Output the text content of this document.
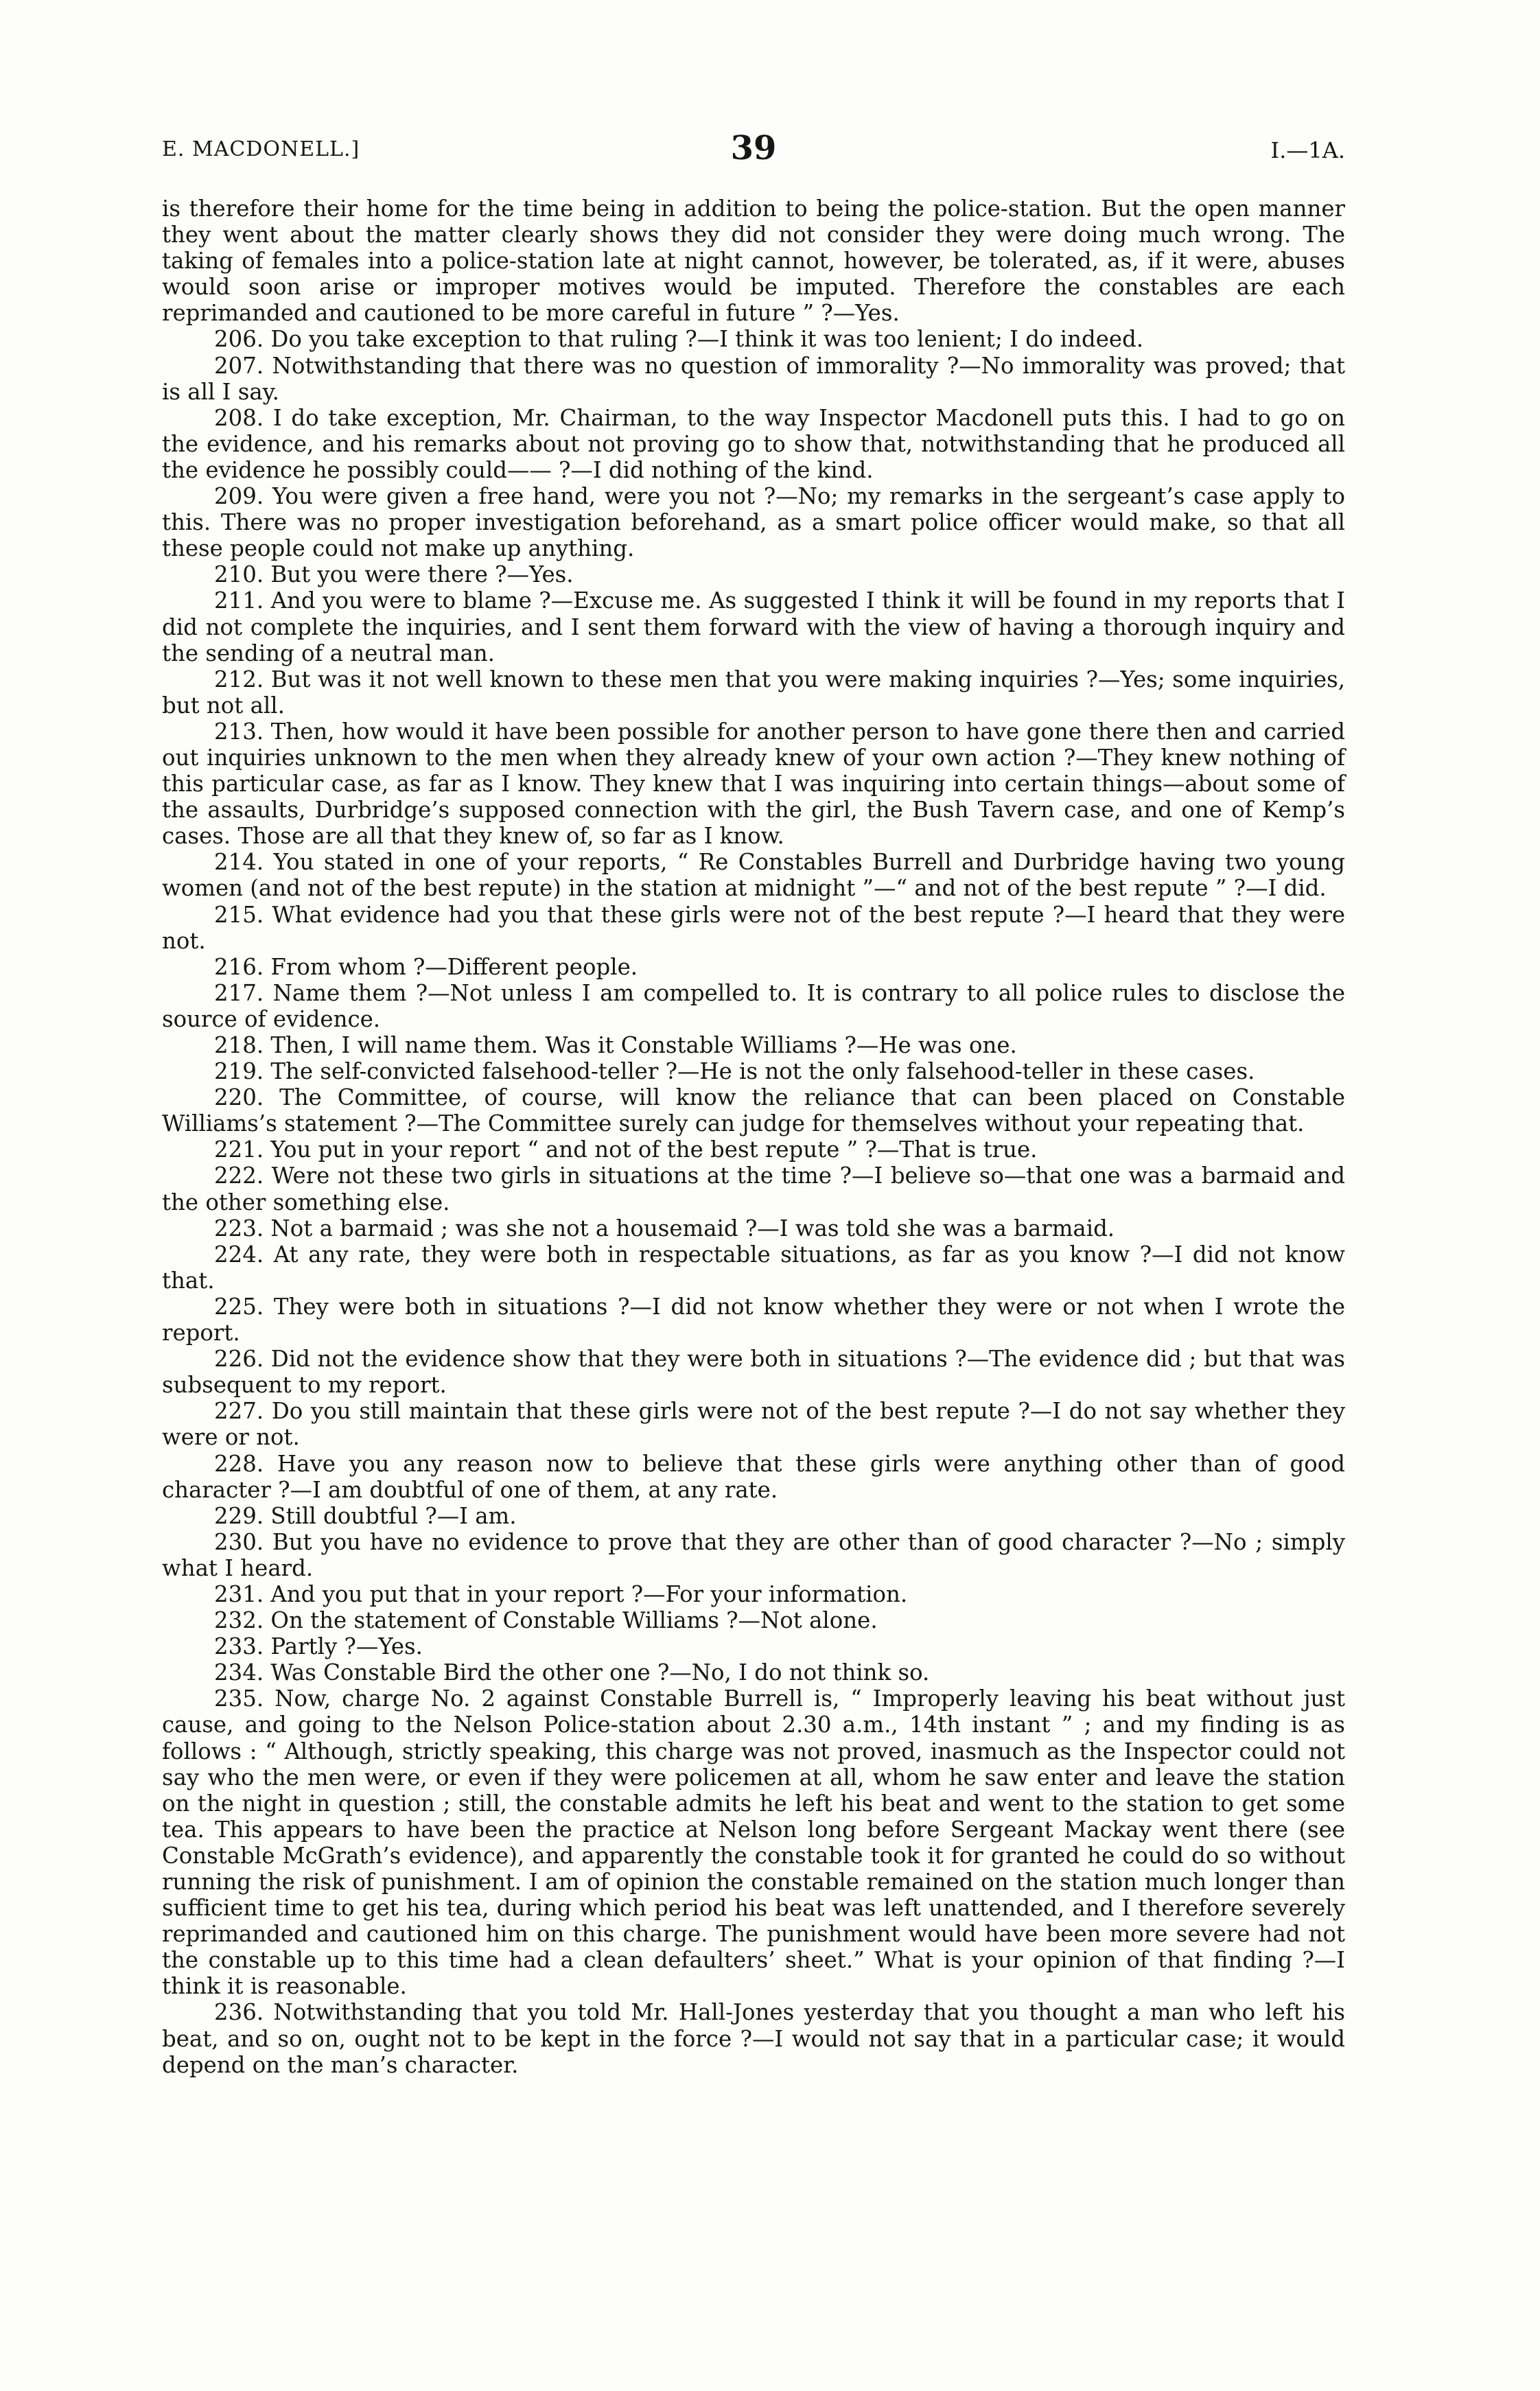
E. MACDONELL.]	39	I.—1A.

is therefore their home for the time being in addition to being the police-station. But the open manner they went about the matter clearly shows they did not consider they were doing much wrong. The taking of females into a police-station late at night cannot, however, be tolerated, as, if it were, abuses would soon arise or improper motives would be imputed. Therefore the constables are each reprimanded and cautioned to be more careful in future ” ?—Yes.

206. Do you take exception to that ruling ?—I think it was too lenient; I do indeed.

207. Notwithstanding that there was no question of immorality ?—No immorality was proved; that is all I say.

208. I do take exception, Mr. Chairman, to the way Inspector Macdonell puts this. I had to go on the evidence, and his remarks about not proving go to show that, notwithstanding that he produced all the evidence he possibly could—— ?—I did nothing of the kind.

209. You were given a free hand, were you not ?—No; my remarks in the sergeant’s case apply to this. There was no proper investigation beforehand, as a smart police officer would make, so that all these people could not make up anything.

210. But you were there ?—Yes.

211. And you were to blame ?—Excuse me. As suggested I think it will be found in my reports that I did not complete the inquiries, and I sent them forward with the view of having a thorough inquiry and the sending of a neutral man.

212. But was it not well known to these men that you were making inquiries ?—Yes; some inquiries, but not all.

213. Then, how would it have been possible for another person to have gone there then and carried out inquiries unknown to the men when they already knew of your own action ?—They knew nothing of this particular case, as far as I know. They knew that I was inquiring into certain things—about some of the assaults, Durbridge’s supposed connection with the girl, the Bush Tavern case, and one of Kemp’s cases. Those are all that they knew of, so far as I know.

214. You stated in one of your reports, “ Re Constables Burrell and Durbridge having two young women (and not of the best repute) in the station at midnight ”—“ and not of the best repute ” ?—I did.

215. What evidence had you that these girls were not of the best repute ?—I heard that they were not.

216. From whom ?—Different people.

217. Name them ?—Not unless I am compelled to. It is contrary to all police rules to disclose the source of evidence.

218. Then, I will name them. Was it Constable Williams ?—He was one.

219. The self-convicted falsehood-teller ?—He is not the only falsehood-teller in these cases.

220. The Committee, of course, will know the reliance that can been placed on Constable Williams’s statement ?—The Committee surely can judge for themselves without your repeating that.

221. You put in your report “ and not of the best repute ” ?—That is true.

222. Were not these two girls in situations at the time ?—I believe so—that one was a barmaid and the other something else.

223. Not a barmaid ; was she not a housemaid ?—I was told she was a barmaid.

224. At any rate, they were both in respectable situations, as far as you know ?—I did not know that.

225. They were both in situations ?—I did not know whether they were or not when I wrote the report.

226. Did not the evidence show that they were both in situations ?—The evidence did ; but that was subsequent to my report.

227. Do you still maintain that these girls were not of the best repute ?—I do not say whether they were or not.

228. Have you any reason now to believe that these girls were anything other than of good character ?—I am doubtful of one of them, at any rate.

229. Still doubtful ?—I am.

230. But you have no evidence to prove that they are other than of good character ?—No ; simply what I heard.

231. And you put that in your report ?—For your information.

232. On the statement of Constable Williams ?—Not alone.

233. Partly ?—Yes.

234. Was Constable Bird the other one ?—No, I do not think so.

235. Now, charge No. 2 against Constable Burrell is, “ Improperly leaving his beat without just cause, and going to the Nelson Police-station about 2.30 a.m., 14th instant ” ; and my finding is as follows : “ Although, strictly speaking, this charge was not proved, inasmuch as the Inspector could not say who the men were, or even if they were policemen at all, whom he saw enter and leave the station on the night in question ; still, the constable admits he left his beat and went to the station to get some tea. This appears to have been the practice at Nelson long before Sergeant Mackay went there (see Constable McGrath’s evidence), and apparently the constable took it for granted he could do so without running the risk of punishment. I am of opinion the constable remained on the station much longer than sufficient time to get his tea, during which period his beat was left unattended, and I therefore severely reprimanded and cautioned him on this charge. The punishment would have been more severe had not the constable up to this time had a clean defaulters’ sheet.” What is your opinion of that finding ?—I think it is reasonable.

236. Notwithstanding that you told Mr. Hall-Jones yesterday that you thought a man who left his beat, and so on, ought not to be kept in the force ?—I would not say that in a particular case; it would depend on the man’s character.
